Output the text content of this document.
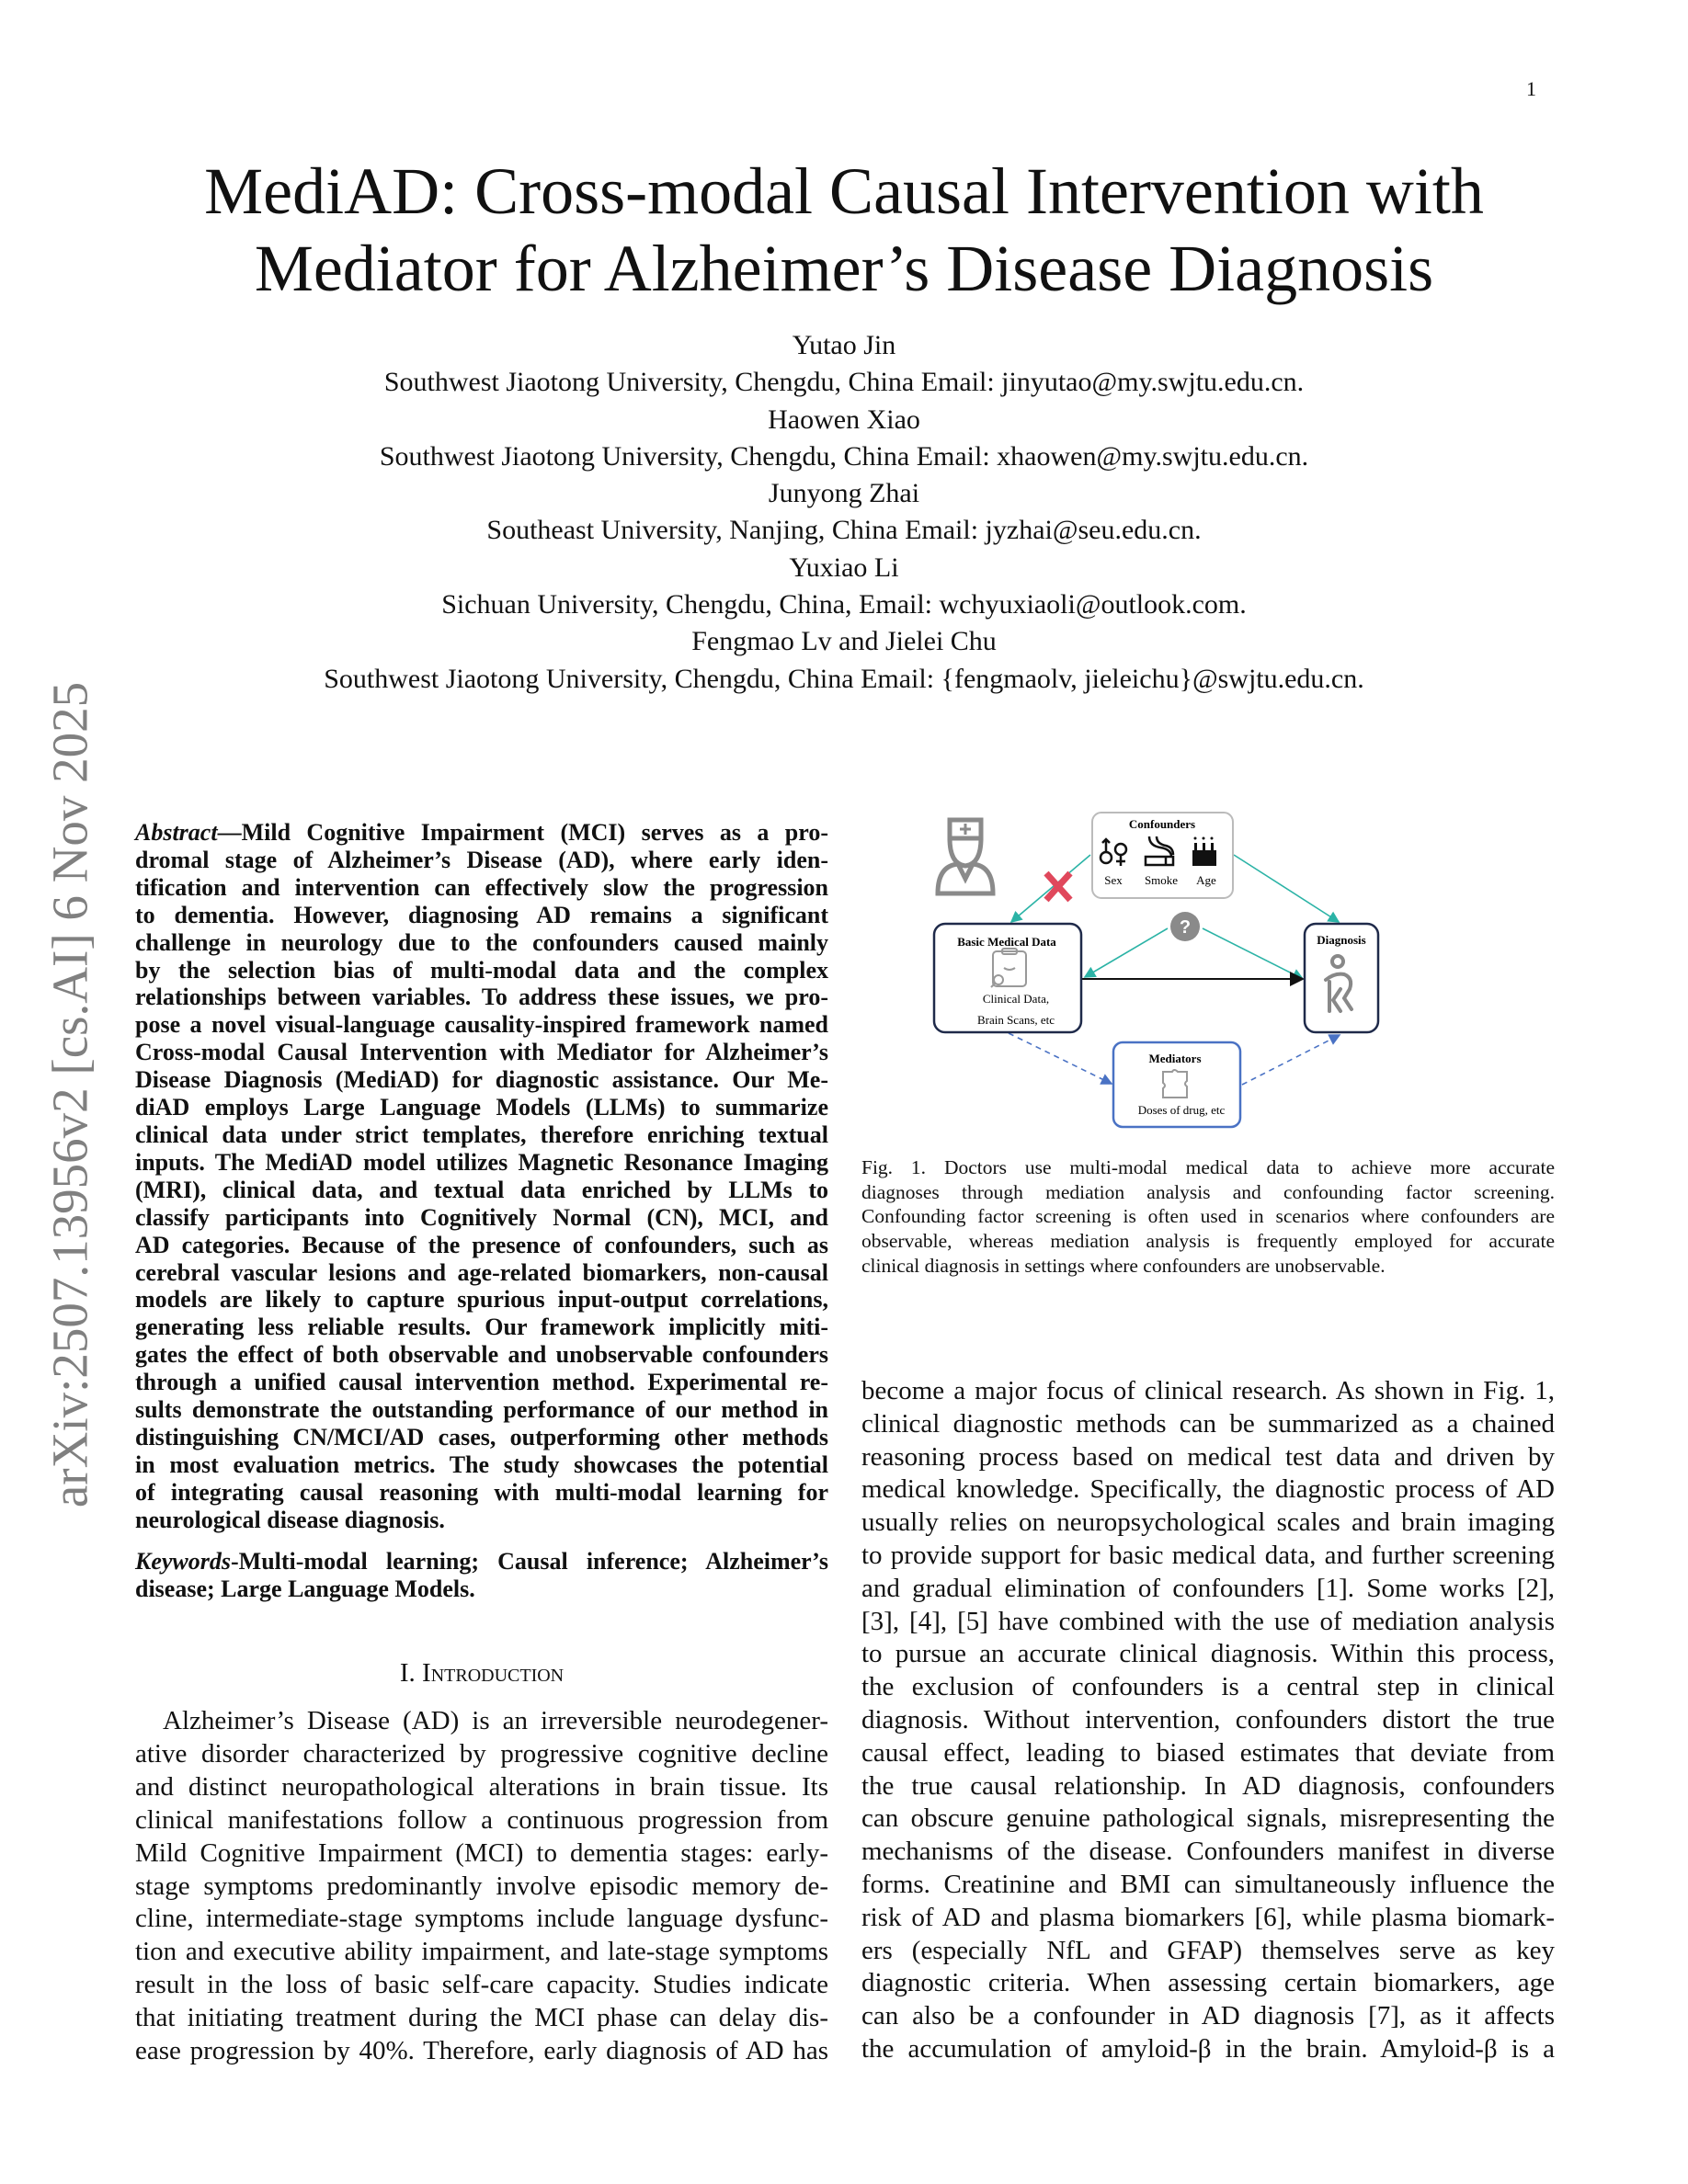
1
MediAD: Cross-modal Causal Intervention with
Mediator for Alzheimer’s Disease Diagnosis
Yutao Jin
Southwest Jiaotong University, Chengdu, China Email: jinyutao@my.swjtu.edu.cn.
Haowen Xiao
Southwest Jiaotong University, Chengdu, China Email: xhaowen@my.swjtu.edu.cn.
Junyong Zhai
Southeast University, Nanjing, China Email: jyzhai@seu.edu.cn.
Yuxiao Li
Sichuan University, Chengdu, China, Email: wchyuxiaoli@outlook.com.
Fengmao Lv and Jielei Chu
Southwest Jiaotong University, Chengdu, China Email: {fengmaolv, jieleichu}@swjtu.edu.cn.
arXiv:2507.13956v2 [cs.AI] 6 Nov 2025 Abstract—Mild Cognitive Impairment (MCI) serves as a pro-
dromal stage of Alzheimer’s Disease (AD), where early iden-
tification and intervention can effectively slow the progression
to dementia. However, diagnosing AD remains a significant
challenge in neurology due to the confounders caused mainly
by the selection bias of multi-modal data and the complex
relationships between variables. To address these issues, we pro-
pose a novel visual-language causality-inspired framework named
Cross-modal Causal Intervention with Mediator for Alzheimer’s
Disease Diagnosis (MediAD) for diagnostic assistance. Our Me-
diAD employs Large Language Models (LLMs) to summarize
clinical data under strict templates, therefore enriching textual
inputs. The MediAD model utilizes Magnetic Resonance Imaging
(MRI), clinical data, and textual data enriched by LLMs to
classify participants into Cognitively Normal (CN), MCI, and
AD categories. Because of the presence of confounders, such as
cerebral vascular lesions and age-related biomarkers, non-causal
models are likely to capture spurious input-output correlations,
generating less reliable results. Our framework implicitly miti-
gates the effect of both observable and unobservable confounders
through a unified causal intervention method. Experimental re-
sults demonstrate the outstanding performance of our method in
distinguishing CN/MCI/AD cases, outperforming other methods
in most evaluation metrics. The study showcases the potential
of integrating causal reasoning with multi-modal learning for
neurological disease diagnosis.
Keywords-Multi-modal learning; Causal inference; Alzheimer’s
disease; Large Language Models.
I. Introduction
Alzheimer’s Disease (AD) is an irreversible neurodegener-
ative disorder characterized by progressive cognitive decline
and distinct neuropathological alterations in brain tissue. Its
clinical manifestations follow a continuous progression from
Mild Cognitive Impairment (MCI) to dementia stages: early-
stage symptoms predominantly involve episodic memory de-
cline, intermediate-stage symptoms include language dysfunc-
tion and executive ability impairment, and late-stage symptoms
result in the loss of basic self-care capacity. Studies indicate
that initiating treatment during the MCI phase can delay dis-
ease progression by 40%. Therefore, early diagnosis of AD has
Confounders
Sex Smoke Age
?
Basic Medical Data
Clinical Data,
Brain Scans, etc
Diagnosis
Mediators
Doses of drug, etc
Fig. 1. Doctors use multi-modal medical data to achieve more accurate
diagnoses through mediation analysis and confounding factor screening.
Confounding factor screening is often used in scenarios where confounders are
observable, whereas mediation analysis is frequently employed for accurate
clinical diagnosis in settings where confounders are unobservable.
become a major focus of clinical research. As shown in Fig. 1,
clinical diagnostic methods can be summarized as a chained
reasoning process based on medical test data and driven by
medical knowledge. Specifically, the diagnostic process of AD
usually relies on neuropsychological scales and brain imaging
to provide support for basic medical data, and further screening
and gradual elimination of confounders [1]. Some works [2],
[3], [4], [5] have combined with the use of mediation analysis
to pursue an accurate clinical diagnosis. Within this process,
the exclusion of confounders is a central step in clinical
diagnosis. Without intervention, confounders distort the true
causal effect, leading to biased estimates that deviate from
the true causal relationship. In AD diagnosis, confounders
can obscure genuine pathological signals, misrepresenting the
mechanisms of the disease. Confounders manifest in diverse
forms. Creatinine and BMI can simultaneously influence the
risk of AD and plasma biomarkers [6], while plasma biomark-
ers (especially NfL and GFAP) themselves serve as key
diagnostic criteria. When assessing certain biomarkers, age
can also be a confounder in AD diagnosis [7], as it affects
the accumulation of amyloid-β in the brain. Amyloid-β is a
